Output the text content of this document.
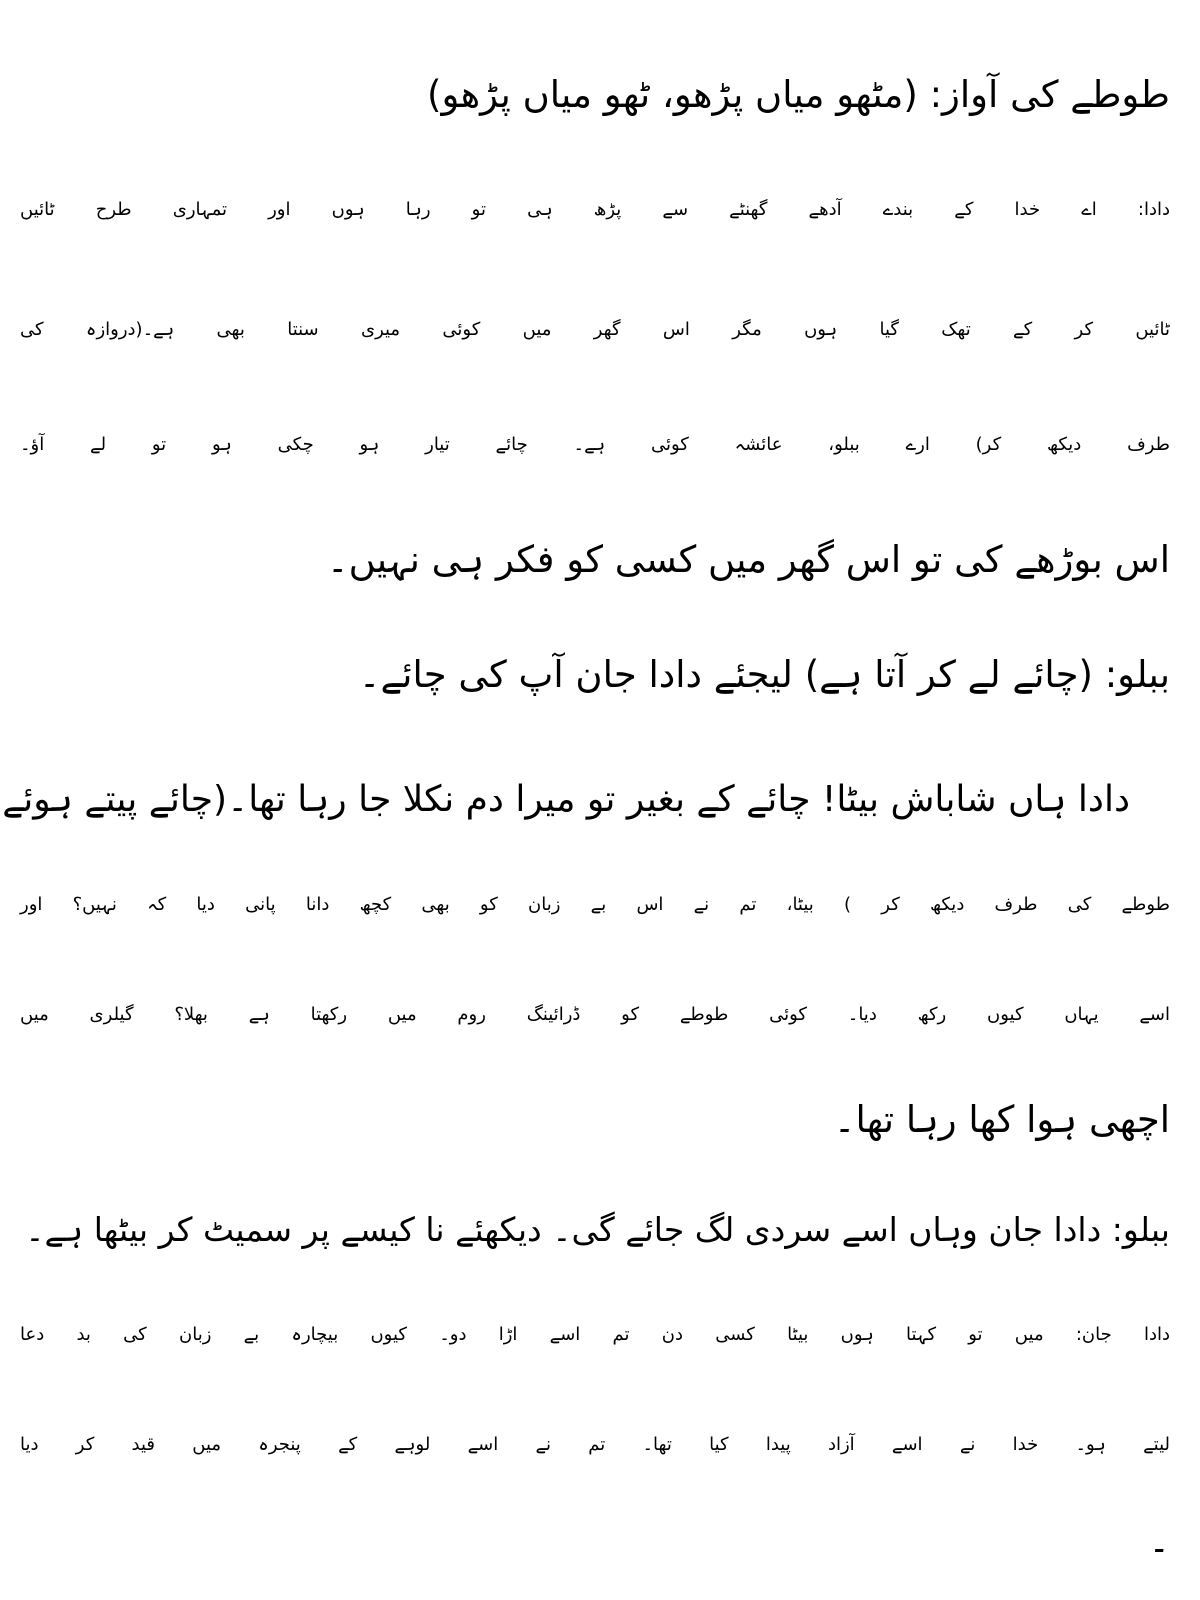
طوطے کی آواز: (مٹھو میاں پڑھو، ٹھو میاں پڑھو)
دادا: اے خدا کے بندے آدھے گھنٹے سے پڑھ ہی تو رہا ہوں اور تمہاری طرح ٹائیں
ٹائیں کر کے تھک گیا ہوں مگر اس گھر میں کوئی میری سنتا بھی ہے۔(دروازہ کی
طرف دیکھ کر) ارے ببلو، عائشہ کوئی ہے۔ چائے تیار ہو چکی ہو تو لے آؤ۔
اس بوڑھے کی تو اس گھر میں کسی کو فکر ہی نہیں۔
ببلو: (چائے لے کر آتا ہے) لیجئے دادا جان آپ کی چائے۔
دادا ہاں شاباش بیٹا! چائے کے بغیر تو میرا دم نکلا جا رہا تھا۔(چائے پیتے ہوئے
طوطے کی طرف دیکھ کر ) بیٹا، تم نے اس بے زبان کو بھی کچھ دانا پانی دیا کہ نہیں؟ اور
اسے یہاں کیوں رکھ دیا۔ کوئی طوطے کو ڈرائینگ روم میں رکھتا ہے بھلا؟ گیلری میں
اچھی ہوا کھا رہا تھا۔
ببلو: دادا جان وہاں اسے سردی لگ جائے گی۔ دیکھئے نا کیسے پر سمیٹ کر بیٹھا ہے۔
دادا جان: میں تو کہتا ہوں بیٹا کسی دن تم اسے اڑا دو۔ کیوں بیچارہ بے زبان کی بد دعا
لیتے ہو۔ خدا نے اسے آزاد پیدا کیا تھا۔ تم نے اسے لوہے کے پنجرہ میں قید کر دیا
۔
